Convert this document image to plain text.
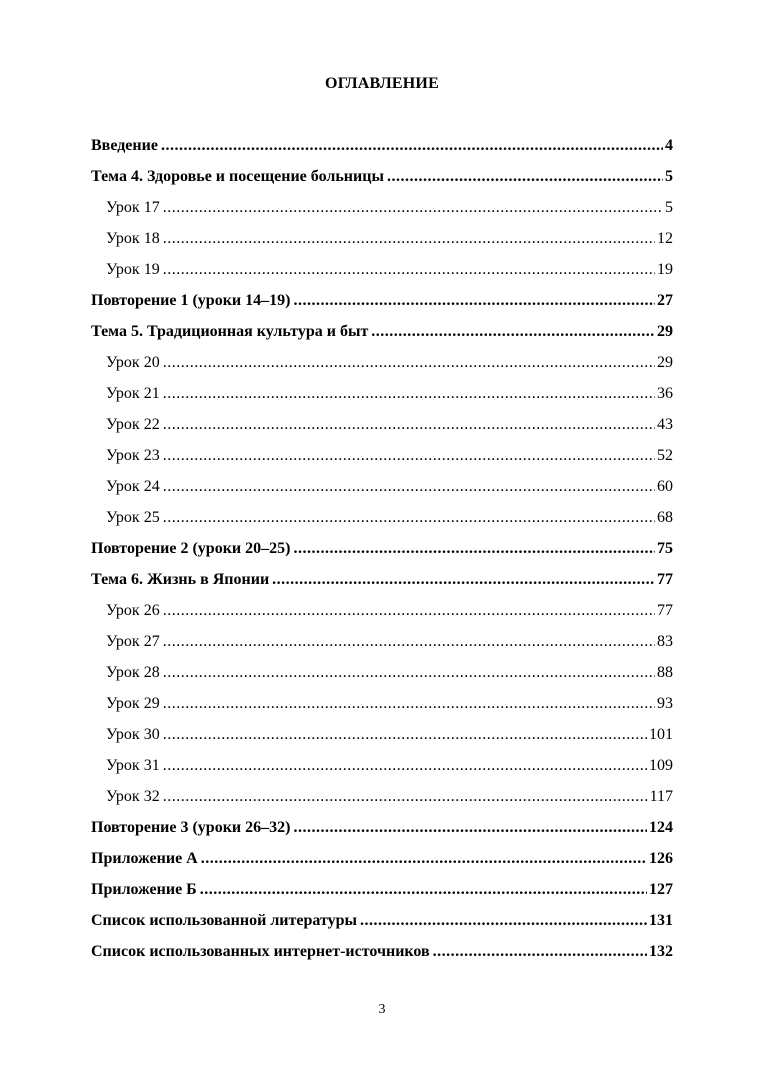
ОГЛАВЛЕНИЕ
Введение .....	4
Тема 4. Здоровье и посещение больницы .....	5
Урок 17 .....	5
Урок 18 .....	12
Урок 19 .....	19
Повторение 1 (уроки 14–19) .....	27
Тема 5. Традиционная культура и быт .....	29
Урок 20 .....	29
Урок 21 .....	36
Урок 22 .....	43
Урок 23 .....	52
Урок 24 .....	60
Урок 25 .....	68
Повторение 2 (уроки 20–25) .....	75
Тема 6. Жизнь в Японии .....	77
Урок 26 .....	77
Урок 27 .....	83
Урок 28 .....	88
Урок 29 .....	93
Урок 30 .....	101
Урок 31 .....	109
Урок 32 .....	117
Повторение 3 (уроки 26–32) .....	124
Приложение А .....	126
Приложение Б .....	127
Список использованной литературы .....	131
Список использованных интернет-источников .....	132
3
